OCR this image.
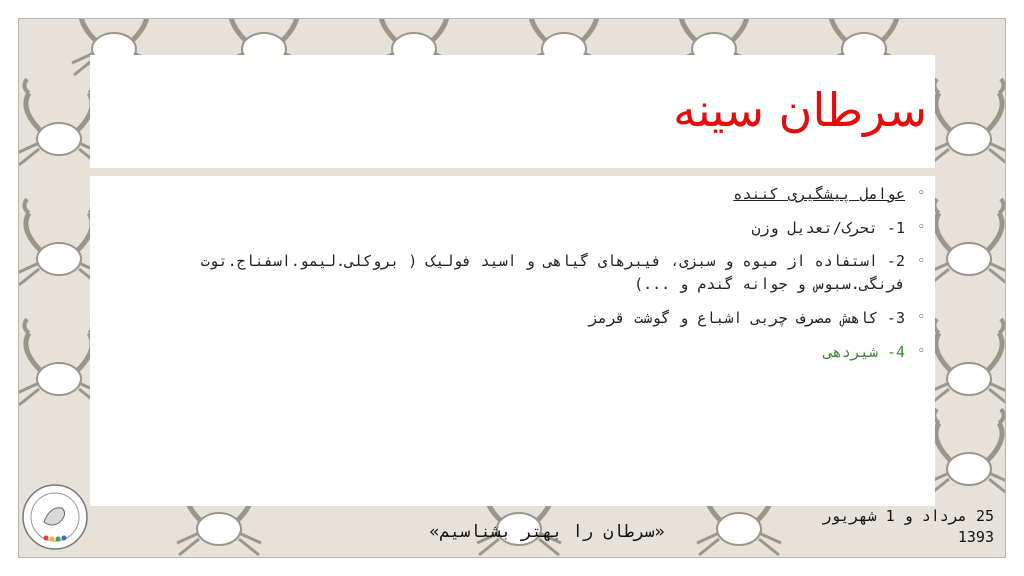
سرطان سینه
◦
عوامل پیشگیری کننده
◦
1- تحرک/تعدیل وزن
◦
2- استفاده از میوه و سبزی، فیبرهای گیاهی و اسید فولیک ( بروکلی.لیمو.اسفناج.توت فرنگی.سبوس و جوانه گندم و ...)
◦
3- کاهش مصرف چربی اشباع و گوشت قرمز
◦
4- شیردهی
«سرطان را بهتر بشناسیم»
25 مرداد و 1 شهریور
1393
